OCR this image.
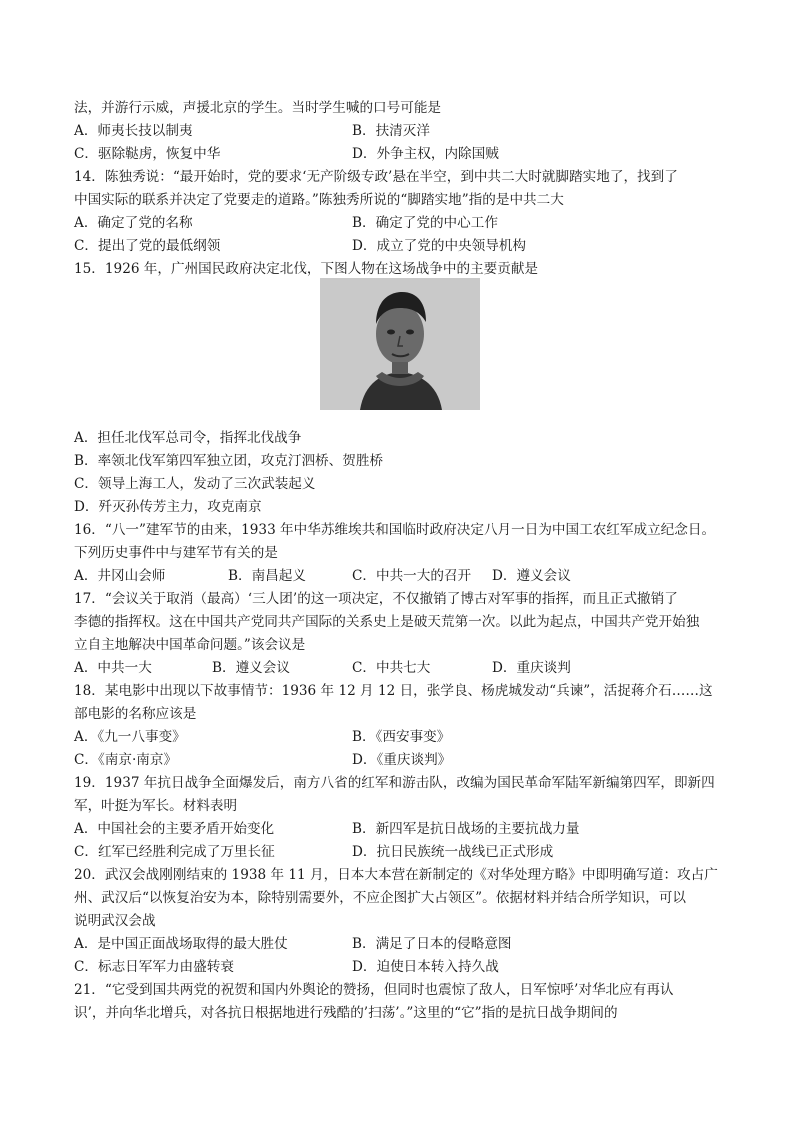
法，并游行示威，声援北京的学生。当时学生喊的口号可能是
A．师夷长技以制夷	B．扶清灭洋
C．驱除鞑虏，恢复中华	D．外争主权，内除国贼
14．陈独秀说：“最开始时，党的要求‘无产阶级专政’悬在半空，到中共二大时就脚踏实地了，找到了
中国实际的联系并决定了党要走的道路。”陈独秀所说的“脚踏实地”指的是中共二大
A．确定了党的名称	B．确定了党的中心工作
C．提出了党的最低纲领	D．成立了党的中央领导机构
15．1926 年，广州国民政府决定北伐，下图人物在这场战争中的主要贡献是
A．担任北伐军总司令，指挥北伐战争
B．率领北伐军第四军独立团，攻克汀泗桥、贺胜桥
C．领导上海工人，发动了三次武装起义
D．歼灭孙传芳主力，攻克南京
16．“八一”建军节的由来，1933 年中华苏维埃共和国临时政府决定八月一日为中国工农红军成立纪念日。
下列历史事件中与建军节有关的是
A．井冈山会师	B．南昌起义	C．中共一大的召开 D．遵义会议
17．“会议关于取消（最高）‘三人团’的这一项决定，不仅撤销了博古对军事的指挥，而且正式撤销了
李德的指挥权。这在中国共产党同共产国际的关系史上是破天荒第一次。以此为起点，中国共产党开始独
立自主地解决中国革命问题。”该会议是
A．中共一大	B．遵义会议	C．中共七大	D．重庆谈判
18．某电影中出现以下故事情节：1936 年 12 月 12 日，张学良、杨虎城发动“兵谏”，活捉蒋介石……这
部电影的名称应该是
A．《九一八事变》	B．《西安事变》
C．《南京·南京》	D．《重庆谈判》
19．1937 年抗日战争全面爆发后，南方八省的红军和游击队，改编为国民革命军陆军新编第四军，即新四
军，叶挺为军长。材料表明
A．中国社会的主要矛盾开始变化	B．新四军是抗日战场的主要抗战力量
C．红军已经胜利完成了万里长征	D．抗日民族统一战线已正式形成
20．武汉会战刚刚结束的 1938 年 11 月，日本大本营在新制定的《对华处理方略》中即明确写道：攻占广
州、武汉后“以恢复治安为本，除特别需要外，不应企图扩大占领区”。依据材料并结合所学知识，可以
说明武汉会战
A．是中国正面战场取得的最大胜仗	B．满足了日本的侵略意图
C．标志日军军力由盛转衰	D．迫使日本转入持久战
21．“它受到国共两党的祝贺和国内外舆论的赞扬，但同时也震惊了敌人，日军惊呼’对华北应有再认
识’，并向华北增兵，对各抗日根据地进行残酷的’扫荡’。”这里的“它”指的是抗日战争期间的
